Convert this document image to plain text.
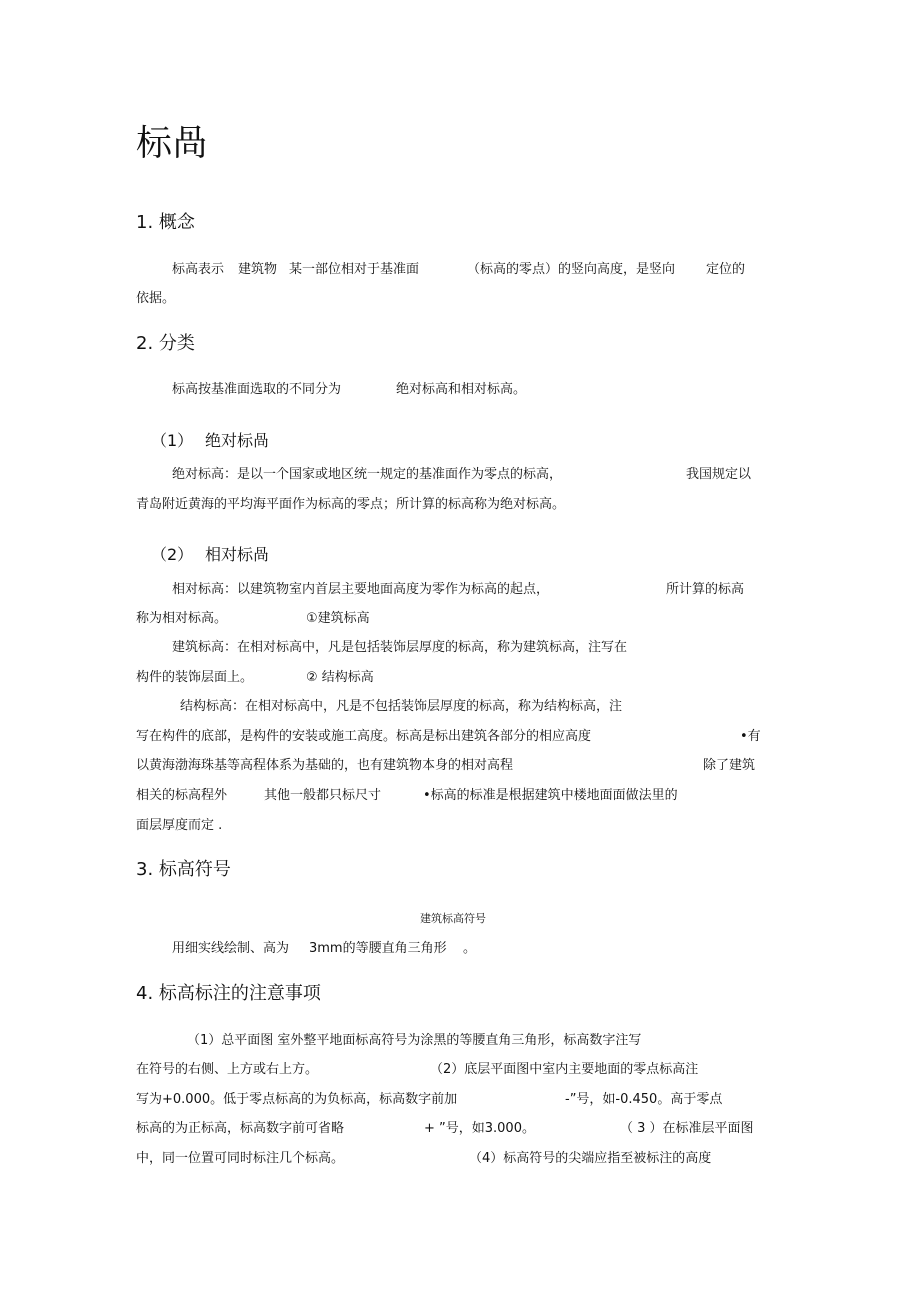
标咼
1. 概念
标高表示 建筑物 某一部位相对于基准面	（标高的零点）的竖向高度，是竖向 定位的
依据。
2. 分类
标高按基准面选取的不同分为	绝对标高和相对标高。
（1） 绝对标咼
绝对标高：是以一个国家或地区统一规定的基准面作为零点的标高，	我国规定以
青岛附近黄海的平均海平面作为标高的零点；所计算的标高称为绝对标高。
（2） 相对标咼
相对标高：以建筑物室内首层主要地面高度为零作为标高的起点，	所计算的标高
称为相对标高。	①建筑标高
建筑标高：在相对标高中，凡是包括装饰层厚度的标高，称为建筑标高，注写在
构件的装饰层面上。	② 结构标高
结构标高：在相对标高中，凡是不包括装饰层厚度的标高，称为结构标高，注
写在构件的底部，是构件的安装或施工高度。标高是标出建筑各部分的相应高度	•有
以黄海渤海珠基等高程体系为基础的，也有建筑物本身的相对高程	除了建筑
相关的标高程外	其他一般都只标尺寸	•标高的标准是根据建筑中楼地面面做法里的
面层厚度而定 .
3. 标高符号
建筑标高符号
用细实线绘制、高为 3mm的等腰直角三角形 。
4. 标高标注的注意事项
（1）总平面图 室外整平地面标高符号为涂黑的等腰直角三角形，标高数字注写
在符号的右侧、上方或右上方。	（2）底层平面图中室内主要地面的零点标高注
写为+0.000。低于零点标高的为负标高，标高数字前加	-”号，如-0.450。高于零点
标高的为正标高，标高数字前可省略	+ ”号，如3.000。	（ 3 ）在标准层平面图
中，同一位置可同时标注几个标高。	（4）标高符号的尖端应指至被标注的高度
